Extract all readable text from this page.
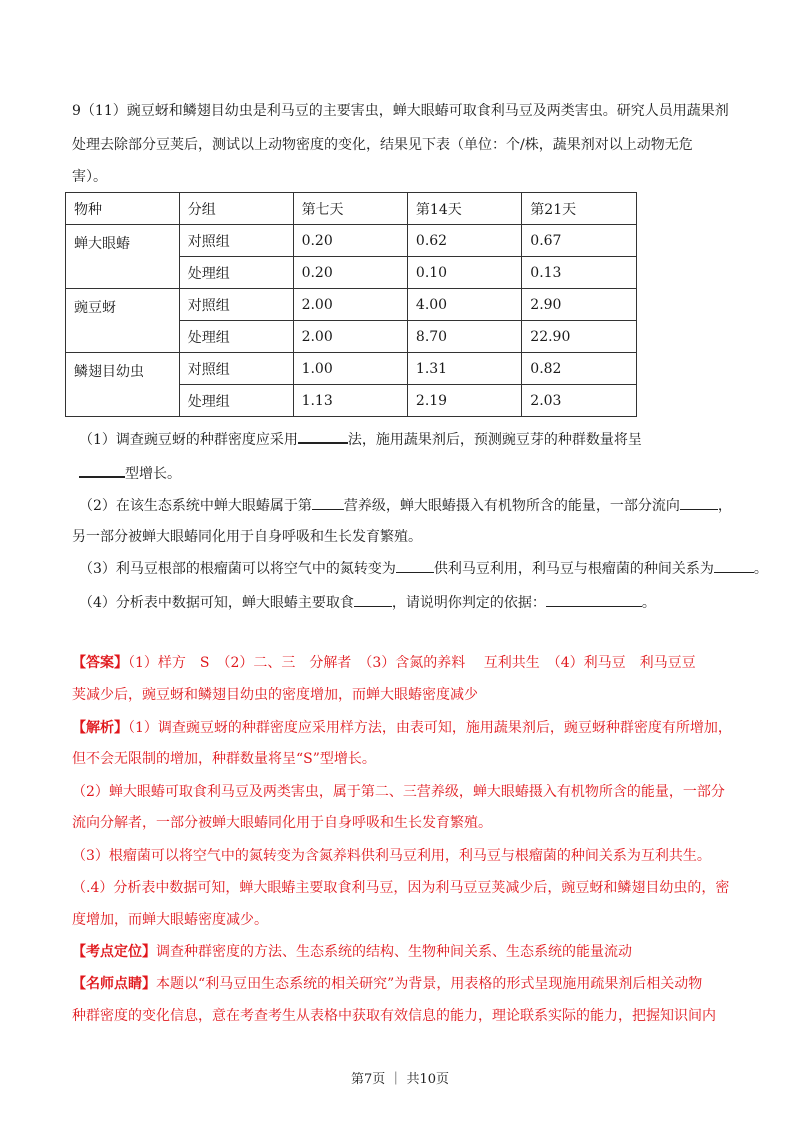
9（11）豌豆蚜和鳞翅目幼虫是利马豆的主要害虫，蝉大眼蝽可取食利马豆及两类害虫。研究人员用蔬果剂
处理去除部分豆荚后，测试以上动物密度的变化，结果见下表（单位：个/株，蔬果剂对以上动物无危
害）。
物种	分组	第七天	第14天	第21天
蝉大眼蝽	对照组	0.20	0.62	0.67
	处理组	0.20	0.10	0.13
豌豆蚜	对照组	2.00	4.00	2.90
	处理组	2.00	8.70	22.90
鳞翅目幼虫	对照组	1.00	1.31	0.82
	处理组	1.13	2.19	2.03
（1）调查豌豆蚜的种群密度应采用	法，施用蔬果剂后，预测豌豆芽的种群数量将呈
型增长。
（2）在该生态系统中蝉大眼蝽属于第 营养级，蝉大眼蝽摄入有机物所含的能量，一部分流向	，
另一部分被蝉大眼蝽同化用于自身呼吸和生长发育繁殖。
（3）利马豆根部的根瘤菌可以将空气中的氮转变为	供利马豆利用，利马豆与根瘤菌的种间关系为	。
（4）分析表中数据可知，蝉大眼蝽主要取食	，请说明你判定的依据：	。
【答案】（1）样方　S　（2）二、三　分解者　（3）含氮的养料　 互利共生　（4）利马豆　利马豆豆
荚减少后，豌豆蚜和鳞翅目幼虫的密度增加，而蝉大眼蝽密度减少
【解析】（1）调查豌豆蚜的种群密度应采用样方法，由表可知，施用蔬果剂后，豌豆蚜种群密度有所增加，
但不会无限制的增加，种群数量将呈“S”型增长。
（2）蝉大眼蝽可取食利马豆及两类害虫，属于第二、三营养级，蝉大眼蝽摄入有机物所含的能量，一部分
流向分解者，一部分被蝉大眼蝽同化用于自身呼吸和生长发育繁殖。
（3）根瘤菌可以将空气中的氮转变为含氮养料供利马豆利用，利马豆与根瘤菌的种间关系为互利共生。
（.4）分析表中数据可知，蝉大眼蝽主要取食利马豆，因为利马豆豆荚减少后，豌豆蚜和鳞翅目幼虫的，密
度增加，而蝉大眼蝽密度减少。
【考点定位】调查种群密度的方法、生态系统的结构、生物种间关系、生态系统的能量流动
【名师点睛】本题以“利马豆田生态系统的相关研究”为背景，用表格的形式呈现施用疏果剂后相关动物
种群密度的变化信息，意在考查考生从表格中获取有效信息的能力，理论联系实际的能力，把握知识间内
第7页 ｜ 共10页
